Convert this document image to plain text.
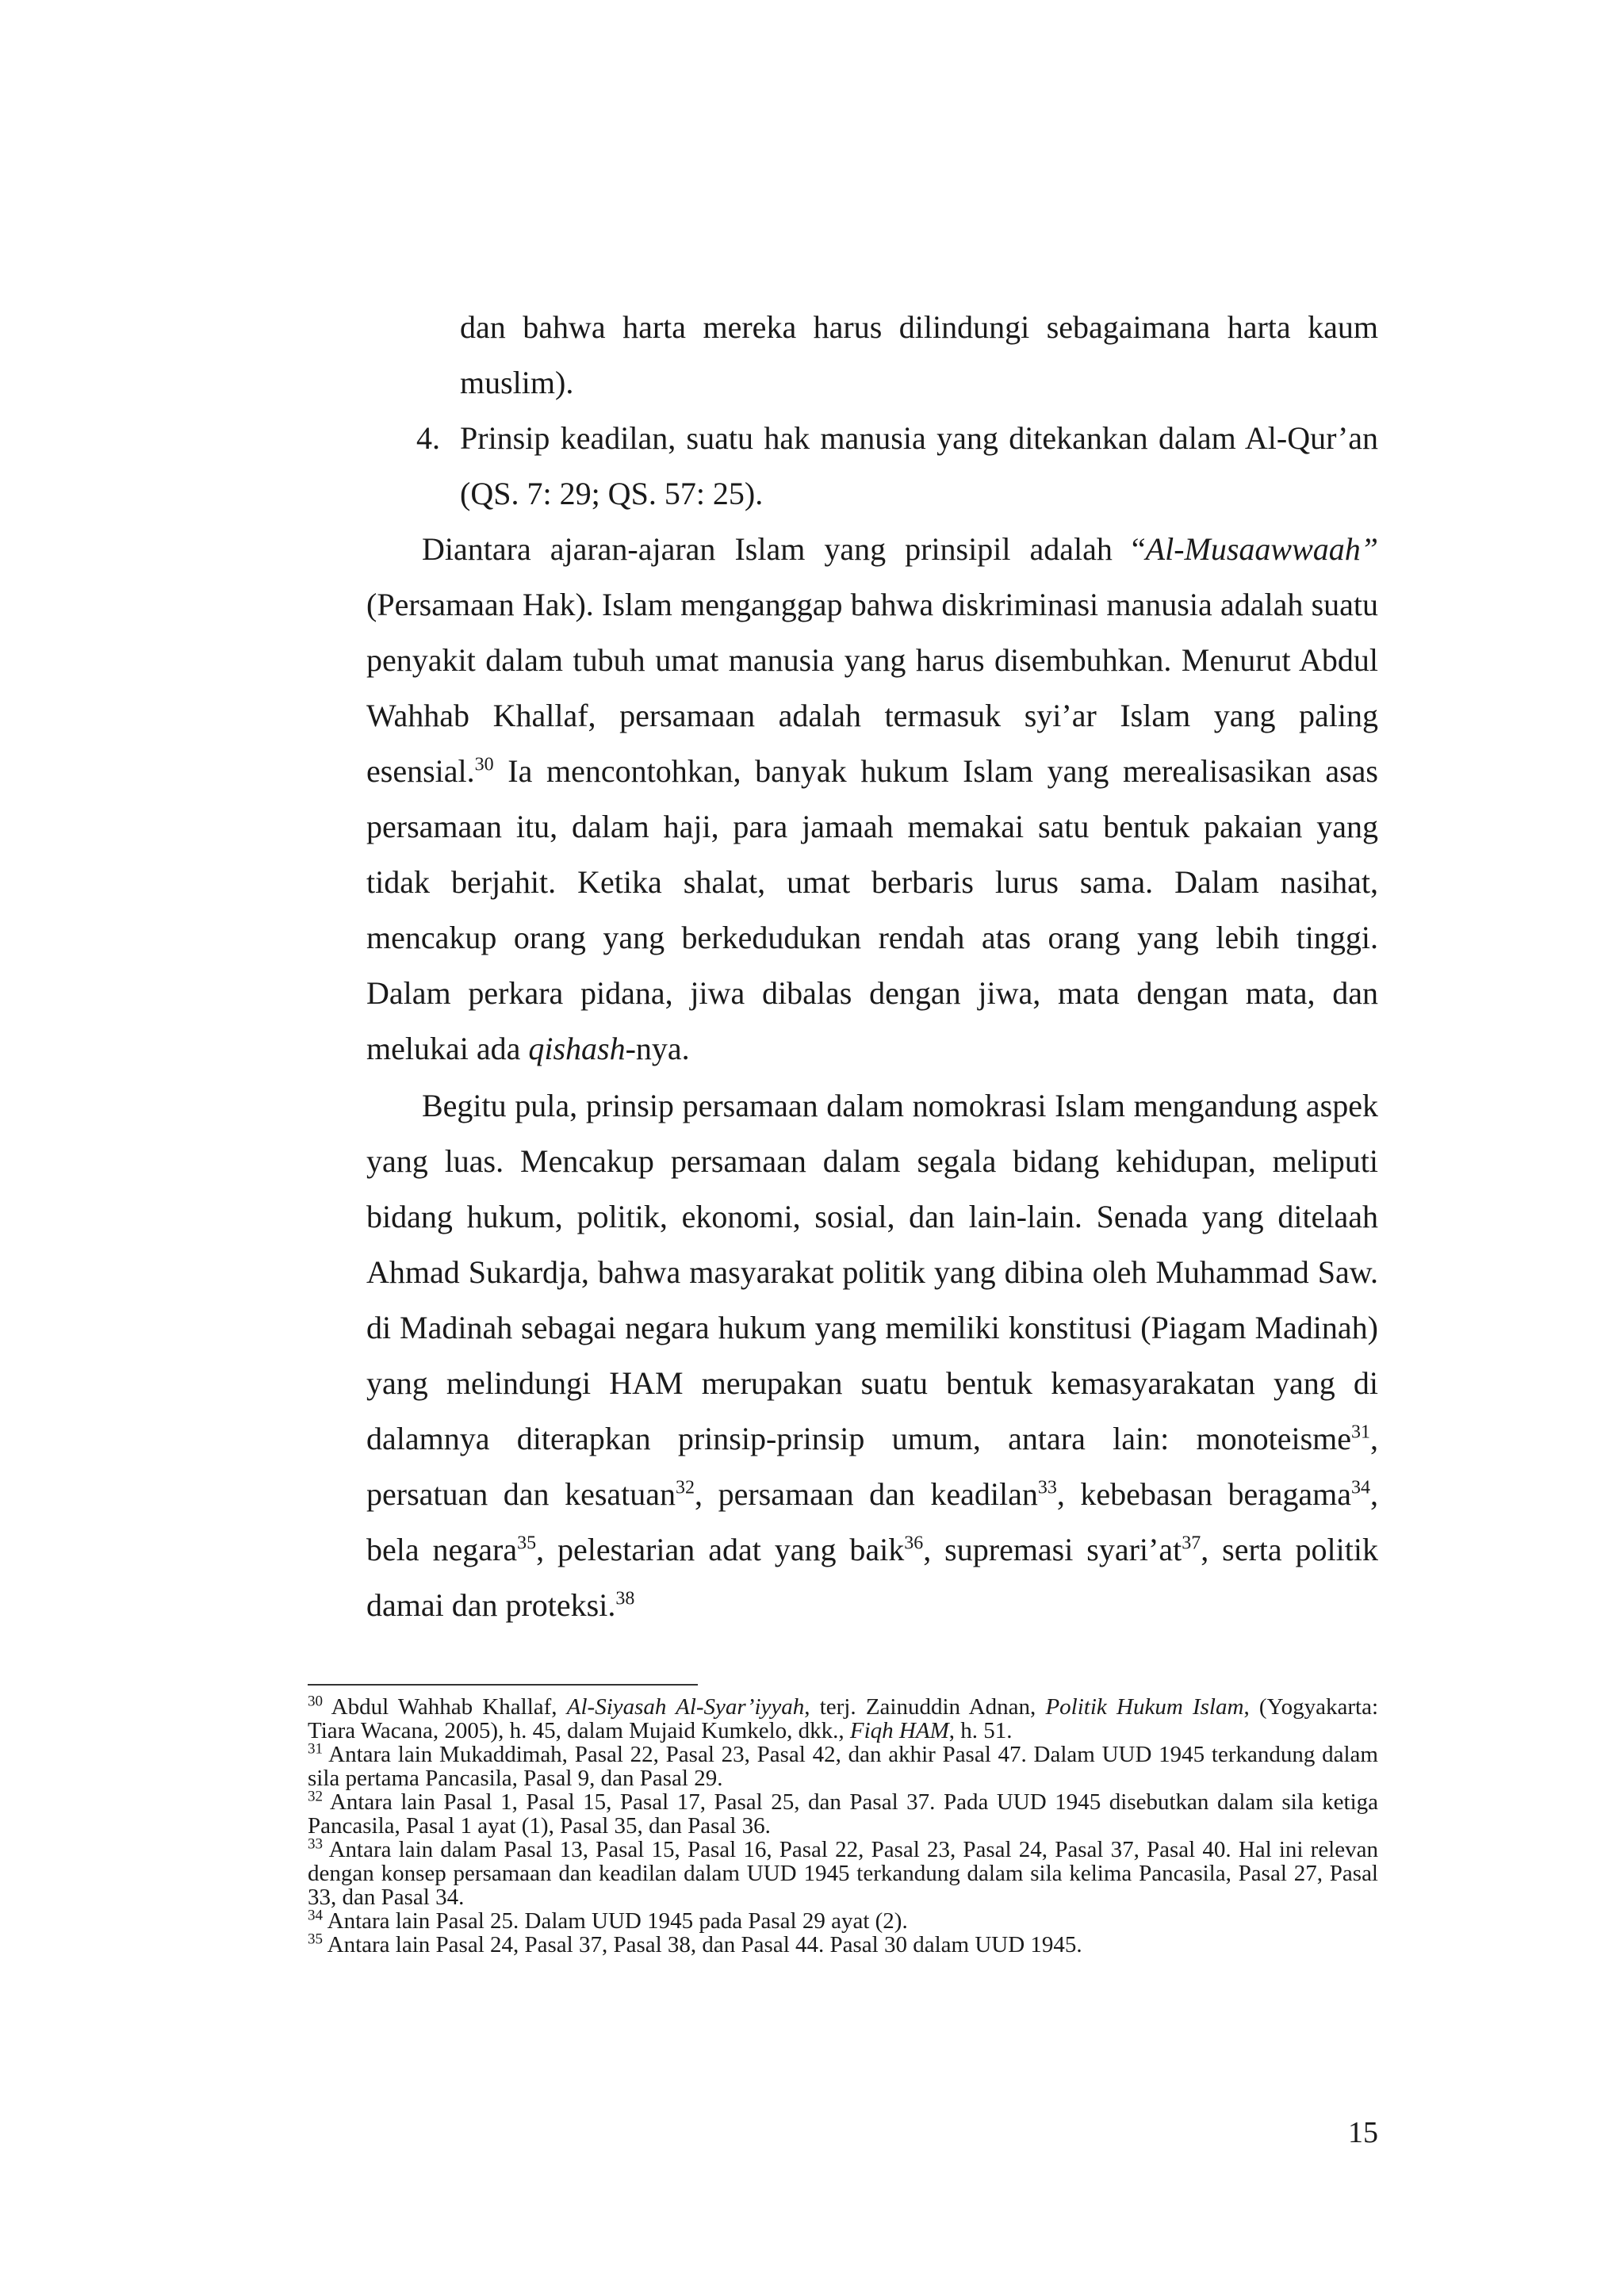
dan bahwa harta mereka harus dilindungi sebagaimana harta kaum muslim).

4. Prinsip keadilan, suatu hak manusia yang ditekankan dalam Al-Qur’an (QS. 7: 29; QS. 57: 25).

Diantara ajaran-ajaran Islam yang prinsipil adalah “Al-Musaawwaah” (Persamaan Hak). Islam menganggap bahwa diskriminasi manusia adalah suatu penyakit dalam tubuh umat manusia yang harus disembuhkan. Menurut Abdul Wahhab Khallaf, persamaan adalah termasuk syi’ar Islam yang paling esensial.$^{30}$ Ia mencontohkan, banyak hukum Islam yang merealisasikan asas persamaan itu, dalam haji, para jamaah memakai satu bentuk pakaian yang tidak berjahit. Ketika shalat, umat berbaris lurus sama. Dalam nasihat, mencakup orang yang berkedudukan rendah atas orang yang lebih tinggi. Dalam perkara pidana, jiwa dibalas dengan jiwa, mata dengan mata, dan melukai ada qishash-nya.

Begitu pula, prinsip persamaan dalam nomokrasi Islam mengandung aspek yang luas. Mencakup persamaan dalam segala bidang kehidupan, meliputi bidang hukum, politik, ekonomi, sosial, dan lain-lain. Senada yang ditelaah Ahmad Sukardja, bahwa masyarakat politik yang dibina oleh Muhammad Saw. di Madinah sebagai negara hukum yang memiliki konstitusi (Piagam Madinah) yang melindungi HAM merupakan suatu bentuk kemasyarakatan yang di dalamnya diterapkan prinsip-prinsip umum, antara lain: monoteisme$^{31}$, persatuan dan kesatuan$^{32}$, persamaan dan keadilan$^{33}$, kebebasan beragama$^{34}$, bela negara$^{35}$, pelestarian adat yang baik$^{36}$, supremasi $syari’at^{37}$, serta politik damai dan proteksi.$^{38}$

$^{30}$ Abdul Wahhab Khallaf, Al-Siyasah Al-Syar’iyyah, terj. Zainuddin Adnan, Politik Hukum Islam, (Yogyakarta: Tiara Wacana, 2005), h. 45, dalam Mujaid Kumkelo, dkk., Fiqh HAM, h. 51.

$^{31}$ Antara lain Mukaddimah, Pasal 22, Pasal 23, Pasal 42, dan akhir Pasal 47. Dalam UUD 1945 terkandung dalam sila pertama Pancasila, Pasal 9, dan Pasal 29.

$^{32}$ Antara lain Pasal 1, Pasal 15, Pasal 17, Pasal 25, dan Pasal 37. Pada UUD 1945 disebutkan dalam sila ketiga Pancasila, Pasal 1 ayat (1), Pasal 35, dan Pasal 36.

$^{33}$ Antara lain dalam Pasal 13, Pasal 15, Pasal 16, Pasal 22, Pasal 23, Pasal 24, Pasal 37, Pasal 40. Hal ini relevan dengan konsep persamaan dan keadilan dalam UUD 1945 terkandung dalam sila kelima Pancasila, Pasal 27, Pasal 33, dan Pasal 34.

$^{34}$ Antara lain Pasal 25. Dalam UUD 1945 pada Pasal 29 ayat (2).

$^{35}$ Antara lain Pasal 24, Pasal 37, Pasal 38, dan Pasal 44. Pasal 30 dalam UUD 1945.

15
